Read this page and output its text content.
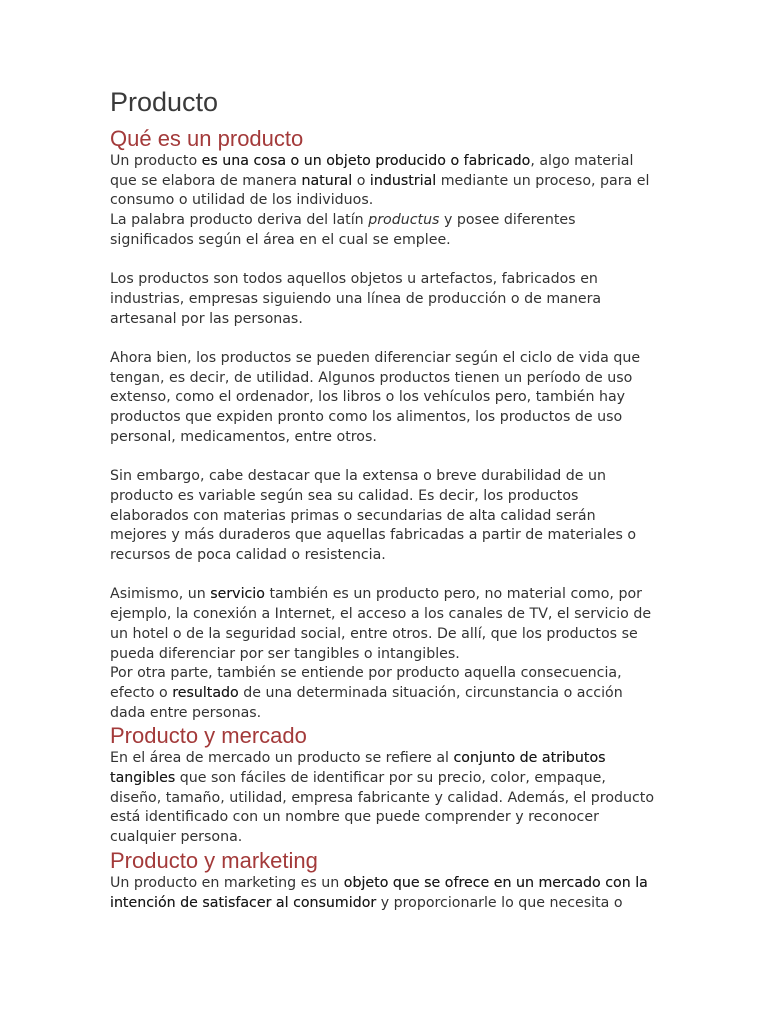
Producto
Qué es un producto

Un producto es una cosa o un objeto producido o fabricado, algo material que se elabora de manera natural o industrial mediante un proceso, para el consumo o utilidad de los individuos.

La palabra producto deriva del latín productus y posee diferentes significados según el área en el cual se emplee.

Los productos son todos aquellos objetos u artefactos, fabricados en industrias, empresas siguiendo una línea de producción o de manera artesanal por las personas.

Ahora bien, los productos se pueden diferenciar según el ciclo de vida que tengan, es decir, de utilidad. Algunos productos tienen un período de uso extenso, como el ordenador, los libros o los vehículos pero, también hay productos que expiden pronto como los alimentos, los productos de uso personal, medicamentos, entre otros.

Sin embargo, cabe destacar que la extensa o breve durabilidad de un producto es variable según sea su calidad. Es decir, los productos elaborados con materias primas o secundarias de alta calidad serán mejores y más duraderos que aquellas fabricadas a partir de materiales o recursos de poca calidad o resistencia.

Asimismo, un servicio también es un producto pero, no material como, por ejemplo, la conexión a Internet, el acceso a los canales de TV, el servicio de un hotel o de la seguridad social, entre otros. De allí, que los productos se pueda diferenciar por ser tangibles o intangibles.

Por otra parte, también se entiende por producto aquella consecuencia, efecto o resultado de una determinada situación, circunstancia o acción dada entre personas.

Producto y mercado

En el área de mercado un producto se refiere al conjunto de atributos tangibles que son fáciles de identificar por su precio, color, empaque, diseño, tamaño, utilidad, empresa fabricante y calidad. Además, el producto está identificado con un nombre que puede comprender y reconocer cualquier persona.

Producto y marketing

Un producto en marketing es un objeto que se ofrece en un mercado con la intención de satisfacer al consumidor y proporcionarle lo que necesita o
